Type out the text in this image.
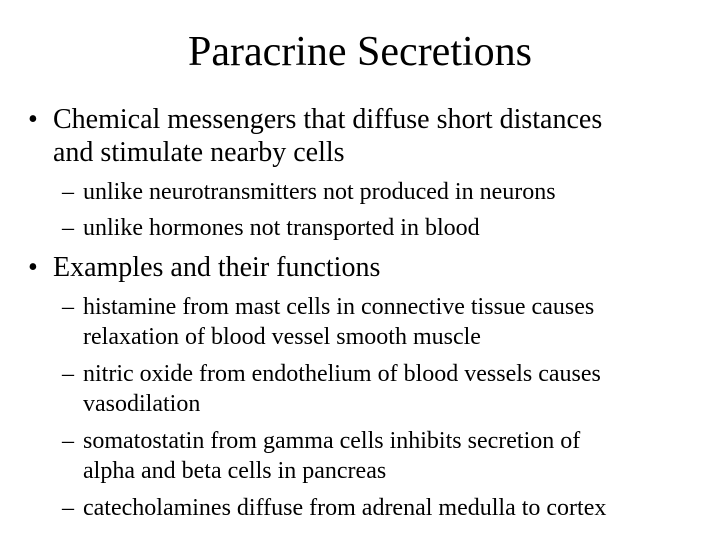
Paracrine Secretions
• Chemical messengers that diffuse short distances
and stimulate nearby cells
– unlike neurotransmitters not produced in neurons
– unlike hormones not transported in blood
• Examples and their functions
– histamine from mast cells in connective tissue causes
relaxation of blood vessel smooth muscle
– nitric oxide from endothelium of blood vessels causes
vasodilation
– somatostatin from gamma cells inhibits secretion of
alpha and beta cells in pancreas
– catecholamines diffuse from adrenal medulla to cortex
